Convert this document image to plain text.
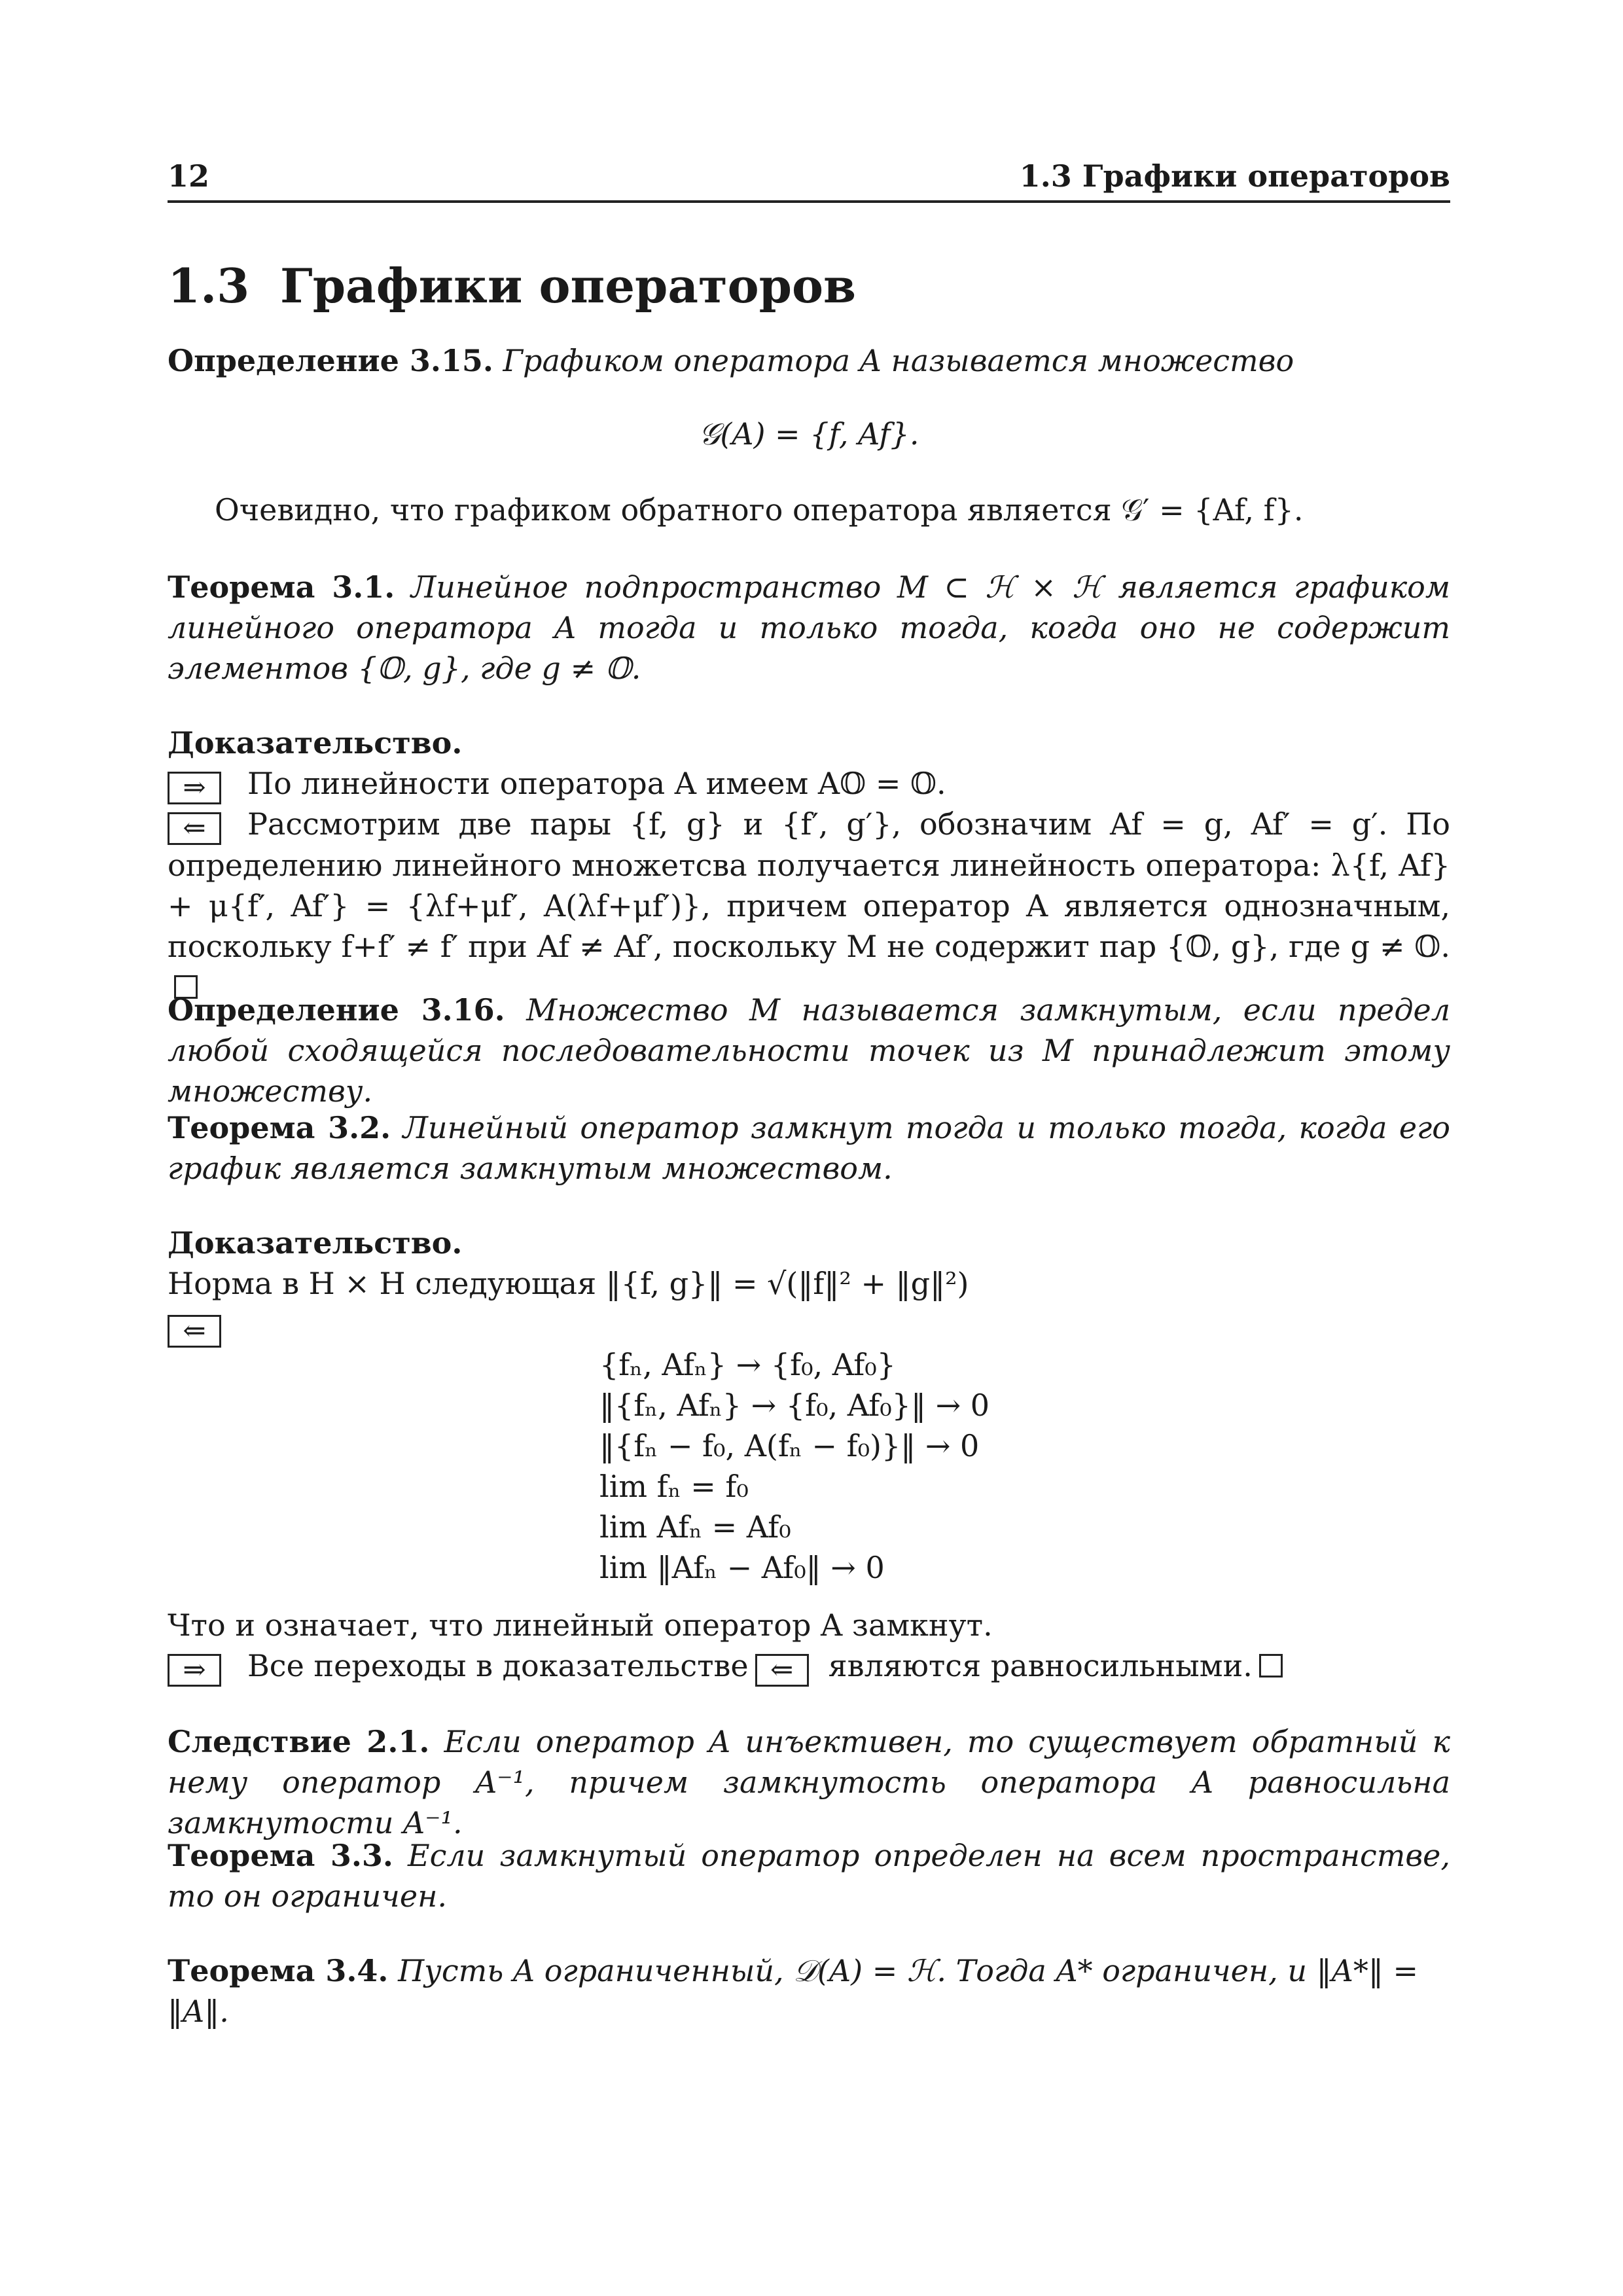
12	1.3 Графики операторов
1.3 Графики операторов
Определение 3.15. Графиком оператора A называется множество
𝒢(A) = {f, Af}.
Очевидно, что графиком обратного оператора является 𝒢′ = {Af, f}.
Теорема 3.1. Линейное подпространство M ⊂ ℋ × ℋ является графиком линейного оператора A тогда и только тогда, когда оно не содержит элементов {𝕆, g}, где g ≠ 𝕆.
Доказательство.
⇒ По линейности оператора A имеем A𝕆 = 𝕆.
⇐ Рассмотрим две пары {f, g} и {f′, g′}, обозначим Af = g, Af′ = g′. По определению линейного множетсва получается линейность оператора: λ{f, Af} + μ{f′, Af′} = {λf+μf′, A(λf+μf′)}, причем оператор A является однозначным, поскольку f+f′ ≠ f′ при Af ≠ Af′, поскольку M не содержит пар {𝕆, g}, где g ≠ 𝕆.
Определение 3.16. Множество M называется замкнутым, если предел любой сходящейся последовательности точек из M принадлежит этому множеству.
Теорема 3.2. Линейный оператор замкнут тогда и только тогда, когда его график является замкнутым множеством.
Доказательство.
Норма в H × H следующая ‖{f, g}‖ = √(‖f‖² + ‖g‖²)
⇐
{fₙ, Afₙ} → {f₀, Af₀}
‖{fₙ, Afₙ} → {f₀, Af₀}‖ → 0
‖{fₙ − f₀, A(fₙ − f₀)}‖ → 0
lim fₙ = f₀
lim Afₙ = Af₀
lim ‖Afₙ − Af₀‖ → 0
Что и означает, что линейный оператор A замкнут.
⇒ Все переходы в доказательстве ⇐ являются равносильными.
Следствие 2.1. Если оператор A инъективен, то существует обратный к нему оператор A⁻¹, причем замкнутость оператора A равносильна замкнутости A⁻¹.
Теорема 3.3. Если замкнутый оператор определен на всем пространстве, то он ограничен.
Теорема 3.4. Пусть A ограниченный, 𝒟(A) = ℋ. Тогда A* ограничен, и ‖A*‖ = ‖A‖.
